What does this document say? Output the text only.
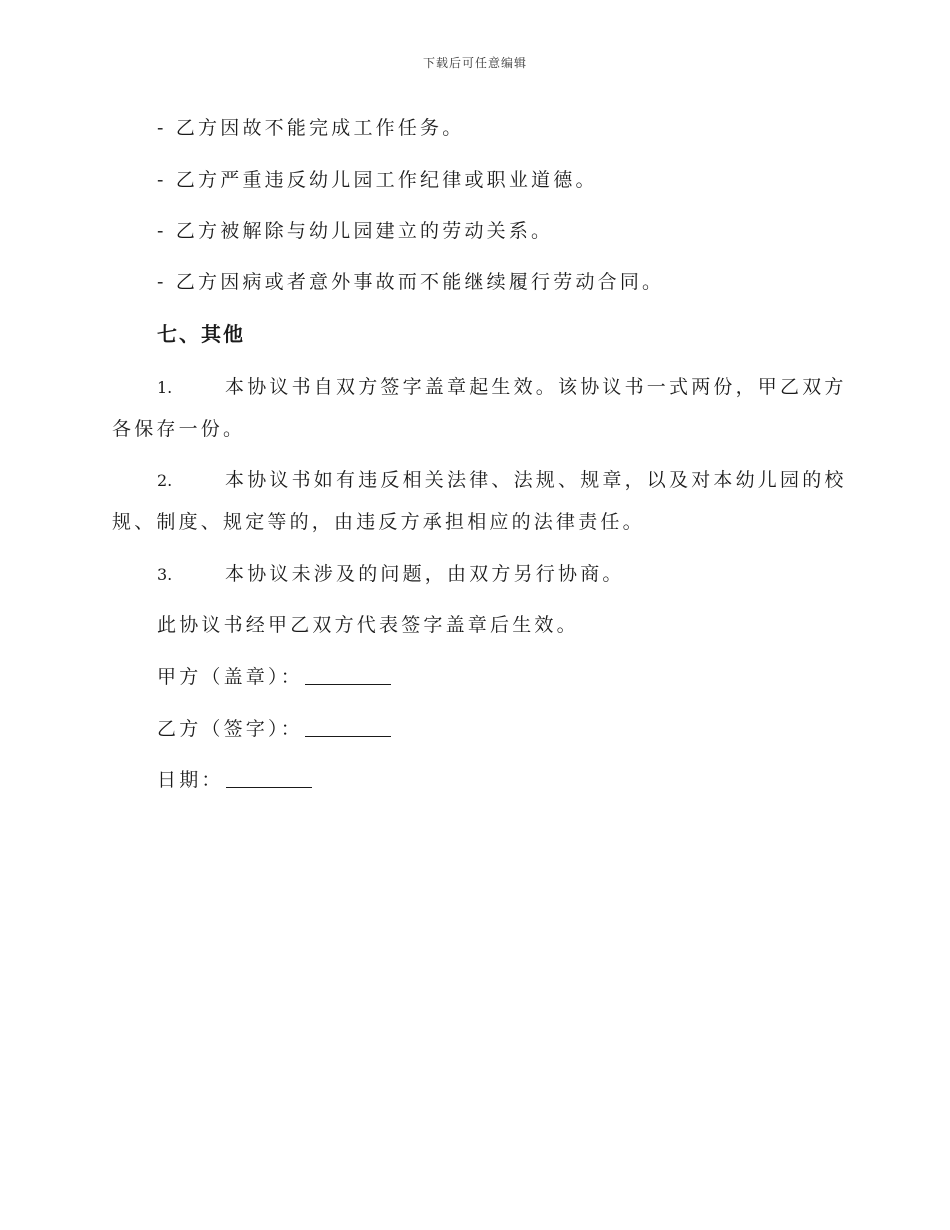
下载后可任意编辑
- 乙方因故不能完成工作任务。
- 乙方严重违反幼儿园工作纪律或职业道德。
- 乙方被解除与幼儿园建立的劳动关系。
- 乙方因病或者意外事故而不能继续履行劳动合同。
七、其他
1.	本协议书自双方签字盖章起生效。该协议书一式两份，甲乙双方
各保存一份。
2.	本协议书如有违反相关法律、法规、规章，以及对本幼儿园的校
规、制度、规定等的，由违反方承担相应的法律责任。
3.	本协议未涉及的问题，由双方另行协商。
此协议书经甲乙双方代表签字盖章后生效。
甲方（盖章）：
乙方（签字）：
日期：
